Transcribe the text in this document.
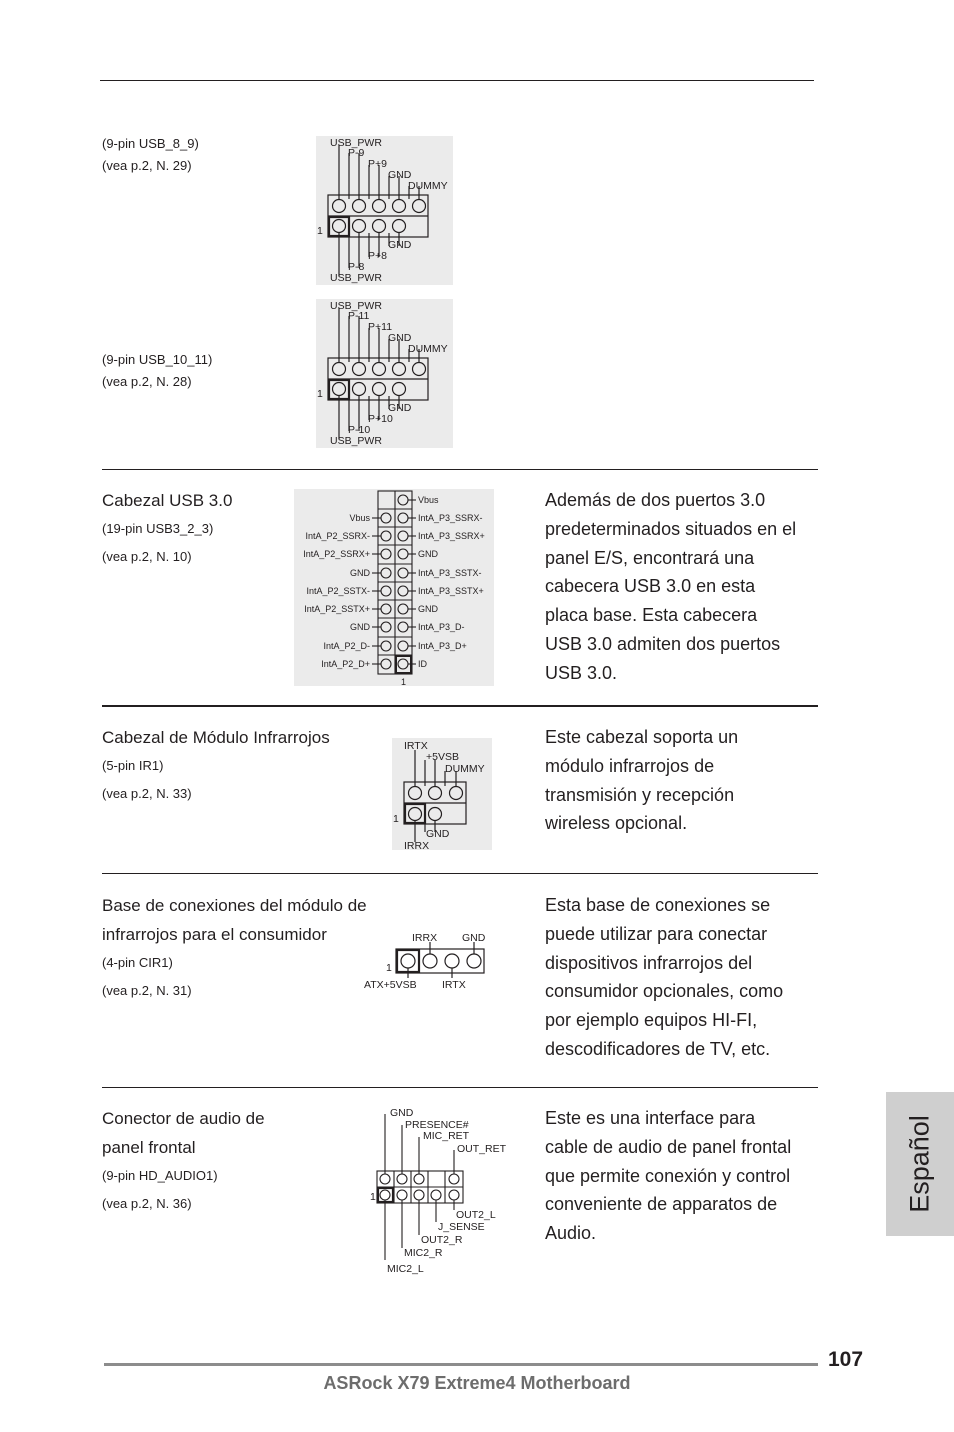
(9-pin USB_8_9)
(vea p.2, N. 29)
USB_PWR
P-9
P+9
GND
DUMMY
GND
P+8
P-8
USB_PWR
1
(9-pin USB_10_11)
(vea p.2, N. 28)
USB_PWR
P-11
P+11
GND
DUMMY
GND
P+10
P-10
USB_PWR
1
Cabezal USB 3.0
(19-pin USB3_2_3)
(vea p.2, N. 10)
Vbus
IntA_P2_SSRX-
IntA_P2_SSRX+
GND
IntA_P2_SSTX-
IntA_P2_SSTX+
GND
IntA_P2_D-
IntA_P2_D+
Vbus
IntA_P3_SSRX-
IntA_P3_SSRX+
GND
IntA_P3_SSTX-
IntA_P3_SSTX+
GND
IntA_P3_D-
IntA_P3_D+
ID
1
Además de dos puertos 3.0
predeterminados situados en el
panel E/S, encontrará una
cabecera USB 3.0 en esta
placa base. Esta cabecera
USB 3.0 admiten dos puertos
USB 3.0.
Cabezal de Módulo Infrarrojos
(5-pin IR1)
(vea p.2, N. 33)
IRTX
+5VSB
DUMMY
GND
IRRX
1
Este cabezal soporta un
módulo infrarrojos de
transmisión y recepción
wireless opcional.
Base de conexiones del módulo de
infrarrojos para el consumidor
(4-pin CIR1)
(vea p.2, N. 31)
IRRX GND
ATX+5VSB IRTX
1
Esta base de conexiones se
puede utilizar para conectar
dispositivos infrarrojos del
consumidor opcionales, como
por ejemplo equipos HI-FI,
descodificadores de TV, etc.
Conector de audio de
panel frontal
(9-pin HD_AUDIO1)
(vea p.2, N. 36)
GND
PRESENCE#
MIC_RET
OUT_RET
OUT2_L
J_SENSE
OUT2_R
MIC2_R
MIC2_L
1
Este es una interface para
cable de audio de panel frontal
que permite conexión y control
conveniente de apparatos de
Audio.
Español
107
ASRock X79 Extreme4 Motherboard
